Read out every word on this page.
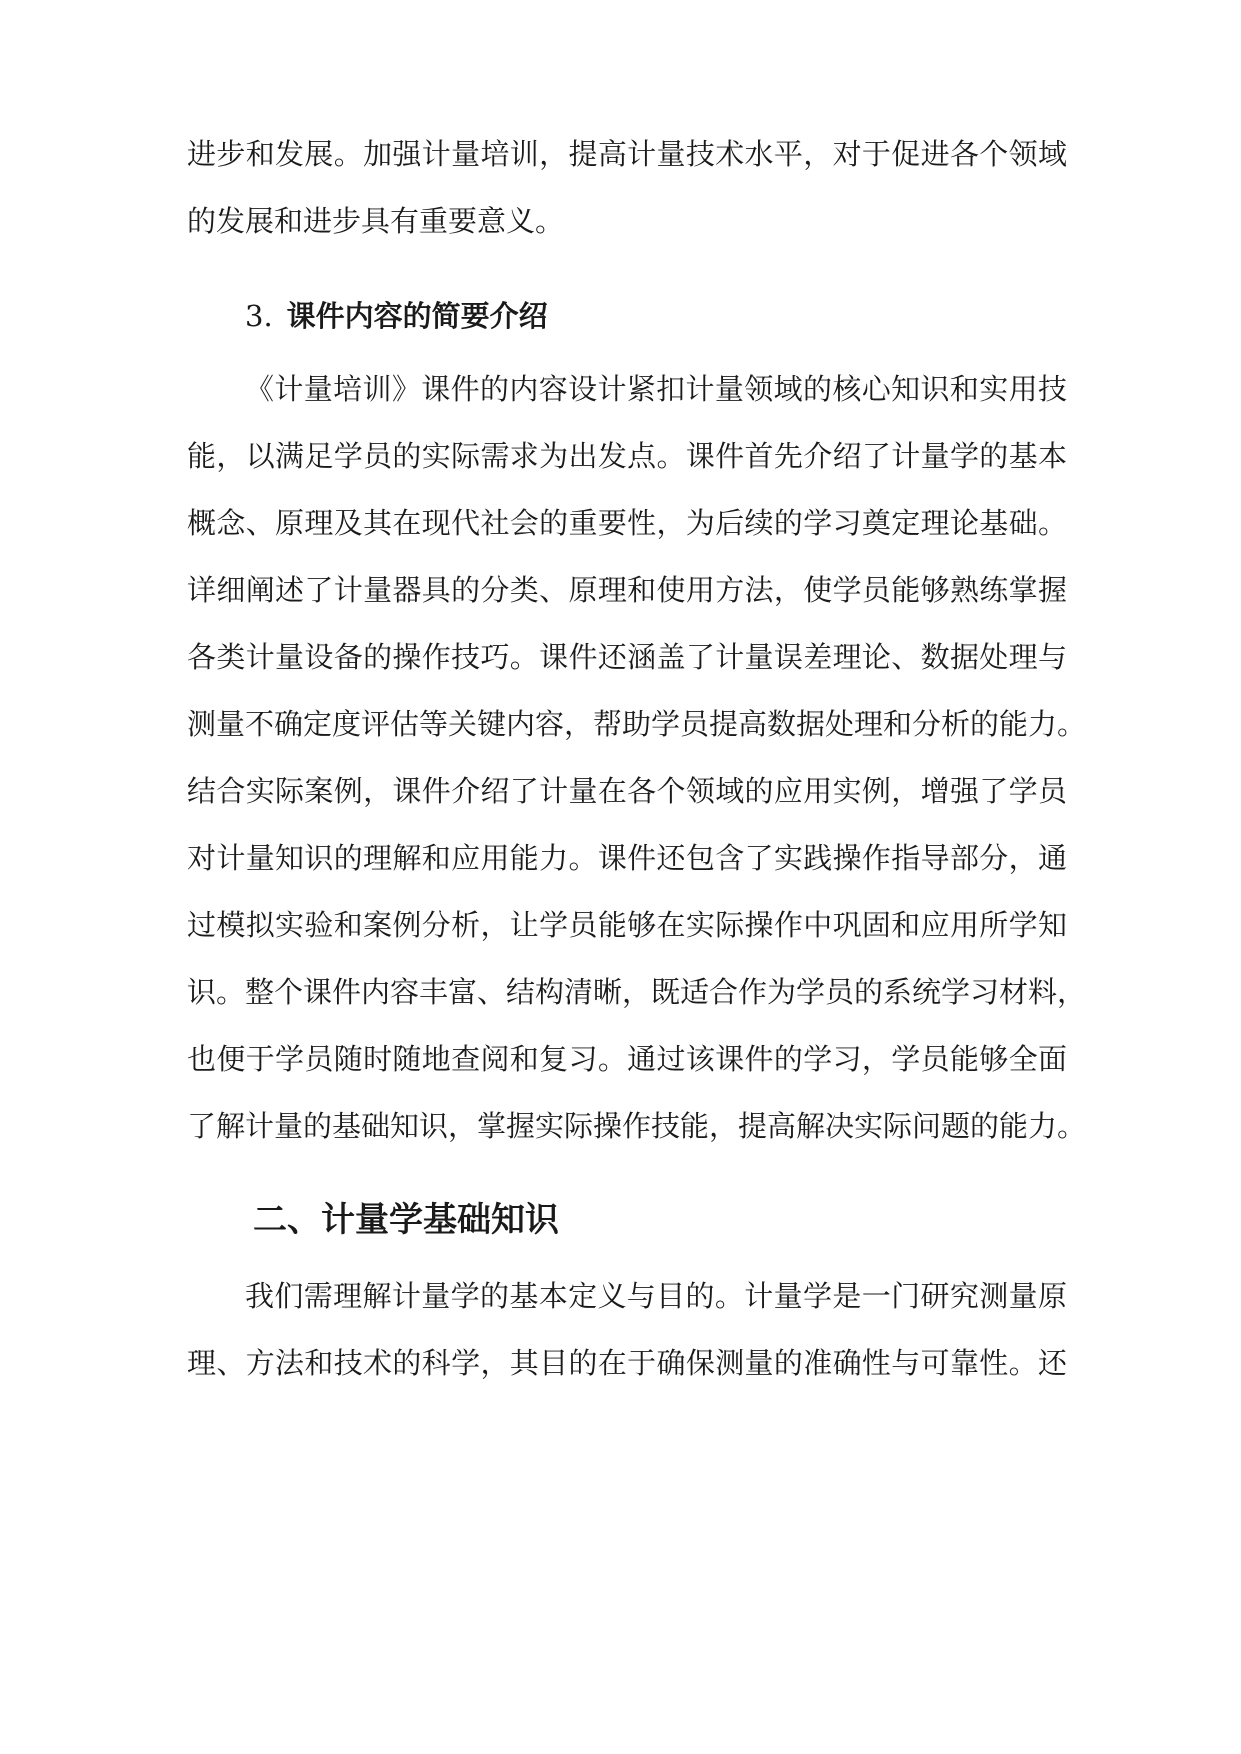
进步和发展。加强计量培训，提高计量技术水平，对于促进各个领域
的发展和进步具有重要意义。
3. 课件内容的简要介绍
《计量培训》课件的内容设计紧扣计量领域的核心知识和实用技
能，以满足学员的实际需求为出发点。课件首先介绍了计量学的基本
概念、原理及其在现代社会的重要性，为后续的学习奠定理论基础。
详细阐述了计量器具的分类、原理和使用方法，使学员能够熟练掌握
各类计量设备的操作技巧。课件还涵盖了计量误差理论、数据处理与
测量不确定度评估等关键内容，帮助学员提高数据处理和分析的能力。
结合实际案例，课件介绍了计量在各个领域的应用实例，增强了学员
对计量知识的理解和应用能力。课件还包含了实践操作指导部分，通
过模拟实验和案例分析，让学员能够在实际操作中巩固和应用所学知
识。整个课件内容丰富、结构清晰，既适合作为学员的系统学习材料，
也便于学员随时随地查阅和复习。通过该课件的学习，学员能够全面
了解计量的基础知识，掌握实际操作技能，提高解决实际问题的能力。
二、计量学基础知识
我们需理解计量学的基本定义与目的。计量学是一门研究测量原
理、方法和技术的科学，其目的在于确保测量的准确性与可靠性。还
